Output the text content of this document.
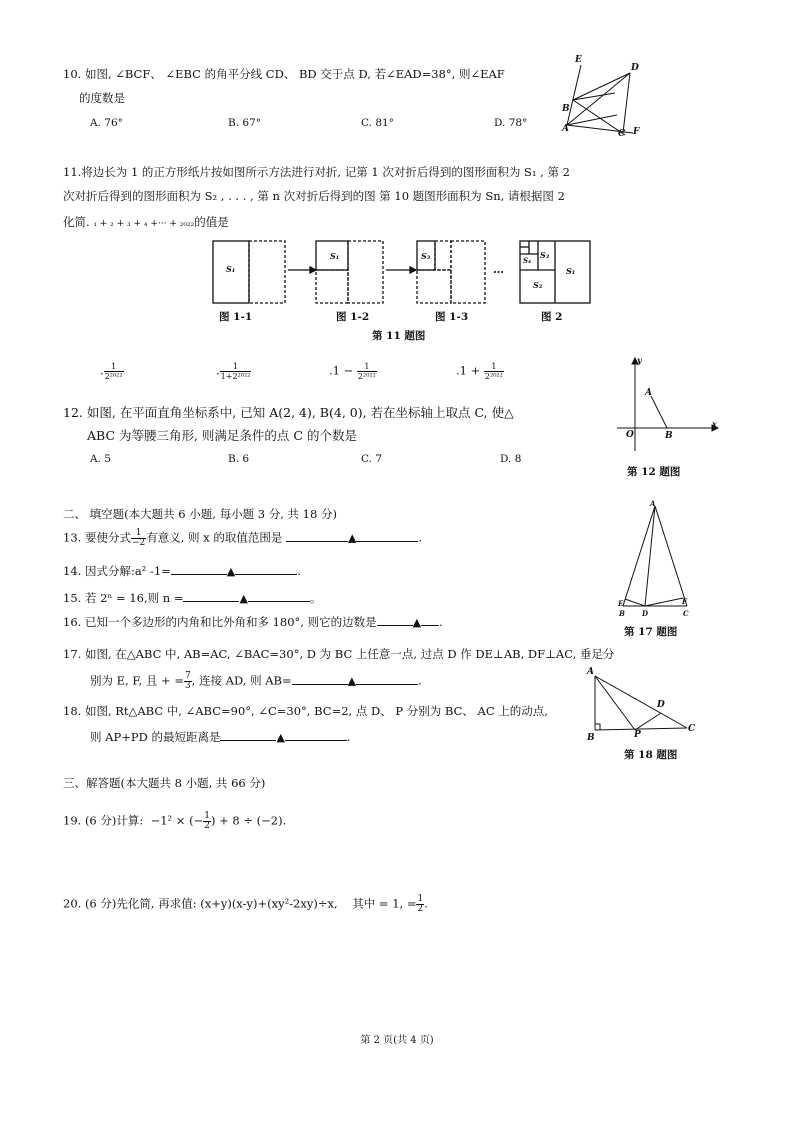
10. 如图, ∠BCF、 ∠EBC 的角平分线 CD、 BD 交于点 D, 若∠EAD=38°, 则∠EAF
的度数是
A. 76°	B. 67°	C. 81°	D. 78°
E
D
B
A	C F
11.将边长为 1 的正方形纸片按如图所示方法进行对折, 记第 1 次对折后得到的图形面积为 S₁ , 第 2
次对折后得到的图形面积为 S₂ , . . . , 第 n 次对折后得到的图 第 10 题图形面积为 Sn, 请根据图 2
化简. ₁ + ₂ + ₃ + ₄ +··· + ₂₀₂₂的值是
S₁
S₁	S₃
…
S₃
S₄
S₁
S₂
图 1-1	图 1-2	图 1-3	图 2
第 11 题图
. $\frac{1}{\text{2²⁰²²}}$	. $\frac{1}{\text{1+2²⁰²²}}$	$.1 - \frac{1}{\text{2²⁰²²}}$	$.1 + \frac{1}{\text{2²⁰²²}}$
12. 如图, 在平面直角坐标系中, 已知 A(2, 4), B(4, 0), 若在坐标轴上取点 C, 使△
ABC 为等腰三角形, 则满足条件的点 C 的个数是
A. 5	B. 6	C. 7	D. 8
y
x
O
A
B
第 12 题图
二、 填空题(本大题共 6 小题, 每小题 3 分, 共 18 分)
13. 要使分式 $\frac{1}{-2}$ 有意义, 则 x 的取值范围是	▲	.
14. 因式分解:a² -1=	▲	.
15. 若 2ⁿ = 16,则 n =	▲	。
16. 已知一个多边形的内角和比外角和多 180°, 则它的边数是	▲ .
A
E	F
B D	C
第 17 题图
17. 如图, 在△ABC 中, AB=AC, ∠BAC=30°, D 为 BC 上任意一点, 过点 D 作 DE⊥AB, DF⊥AC, 垂足分
别为 E, F, 且 + = $\frac{7}{3}$ , 连接 AD, 则 AB=	▲	.
A
D
C
B	P
第 18 题图
18. 如图, Rt△ABC 中, ∠ABC=90°, ∠C=30°, BC=2, 点 D、 P 分别为 BC、 AC 上的动点,
则 AP+PD 的最短距离是	▲	.
三、解答题(本大题共 8 小题, 共 66 分)
19. (6 分)计算: −1² × (− $\frac{1}{2}$ ) + 8 ÷ (−2).
20. (6 分)先化简, 再求值: (x+y)(x-y)+(xy²-2xy)÷x, 其中 = 1, = $\frac{1}{2}$ .
第 2 页(共 4 页)
